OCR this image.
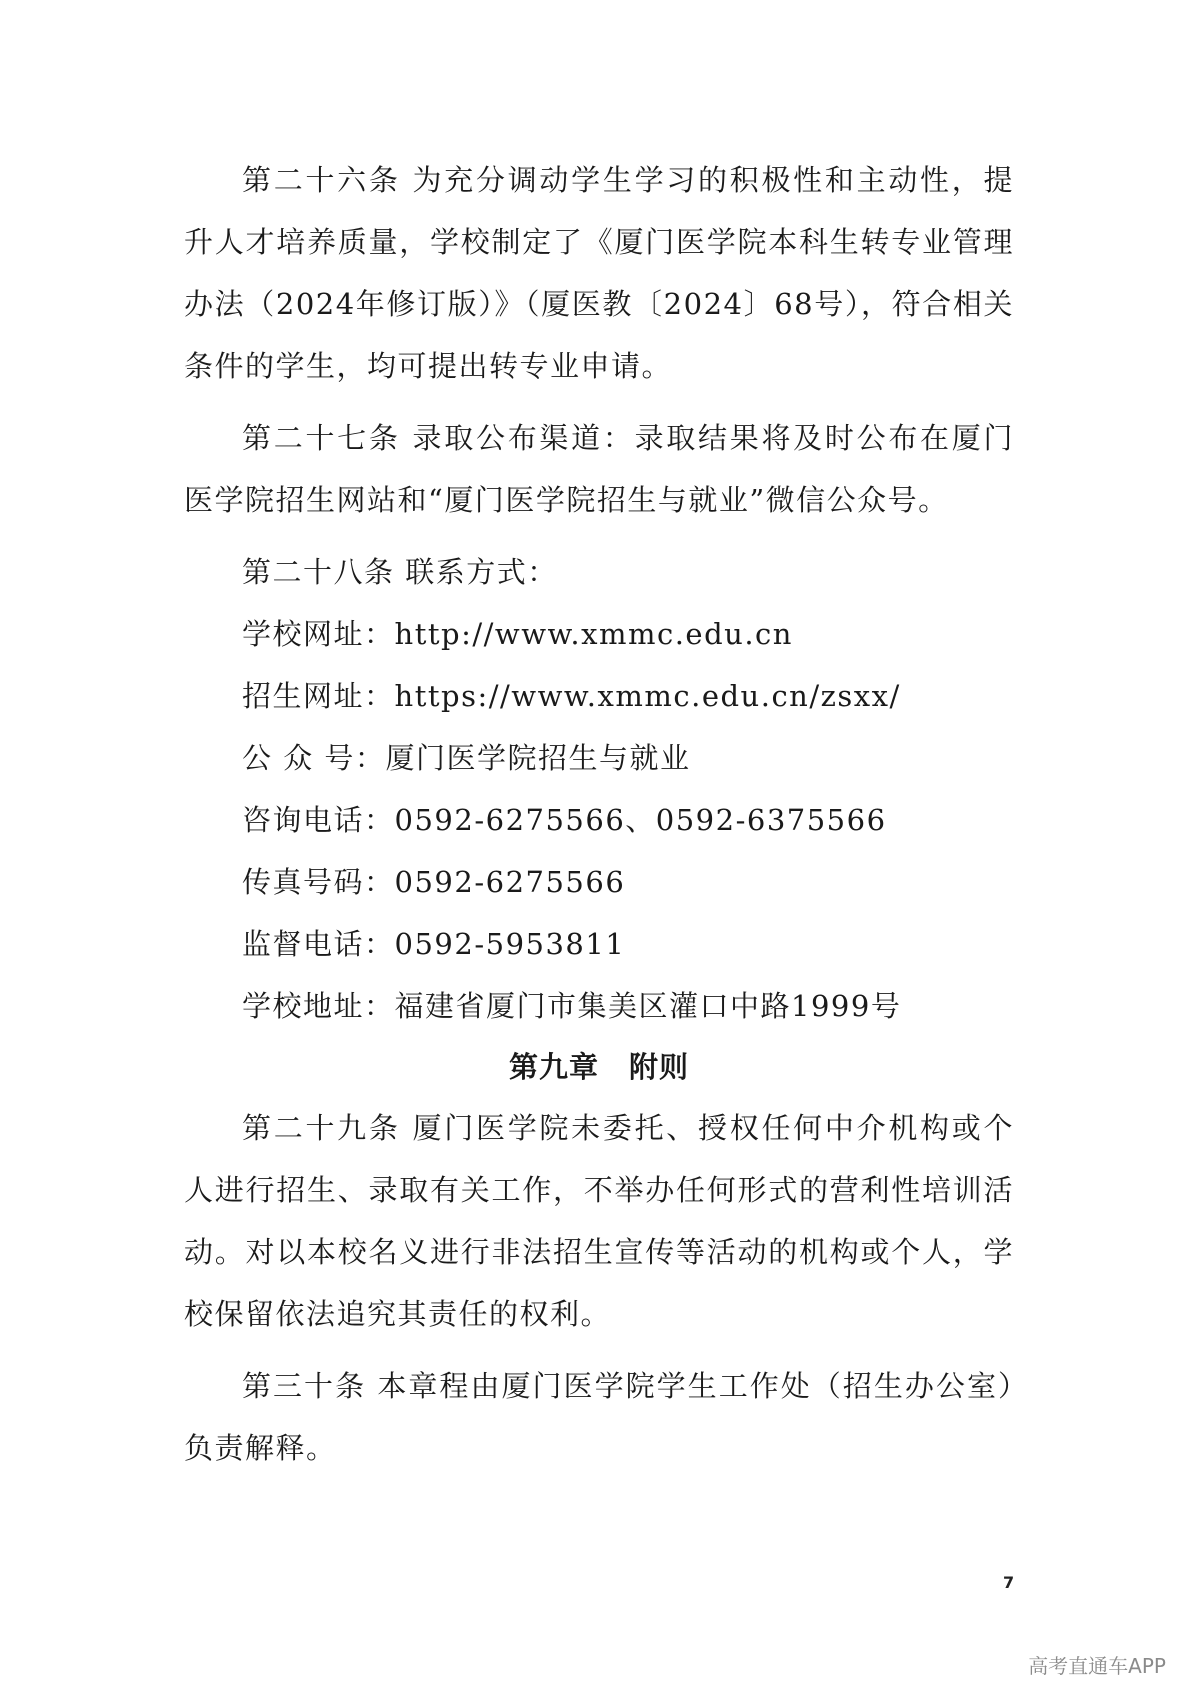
第二十六条 为充分调动学生学习的积极性和主动性，提升人才培养质量，学校制定了《厦门医学院本科生转专业管理办法（2024年修订版）》（厦医教〔2024〕68号），符合相关条件的学生，均可提出转专业申请。

第二十七条 录取公布渠道：录取结果将及时公布在厦门医学院招生网站和“厦门医学院招生与就业”微信公众号。

第二十八条 联系方式：

学校网址：http://www.xmmc.edu.cn

招生网址：https://www.xmmc.edu.cn/zsxx/

公 众 号：厦门医学院招生与就业

咨询电话：0592-6275566、0592-6375566

传真号码：0592-6275566

监督电话：0592-5953811

学校地址：福建省厦门市集美区灌口中路1999号

第九章　附则

第二十九条 厦门医学院未委托、授权任何中介机构或个人进行招生、录取有关工作，不举办任何形式的营利性培训活动。对以本校名义进行非法招生宣传等活动的机构或个人，学校保留依法追究其责任的权利。

第三十条 本章程由厦门医学院学生工作处（招生办公室）负责解释。

7
高考直通车APP
